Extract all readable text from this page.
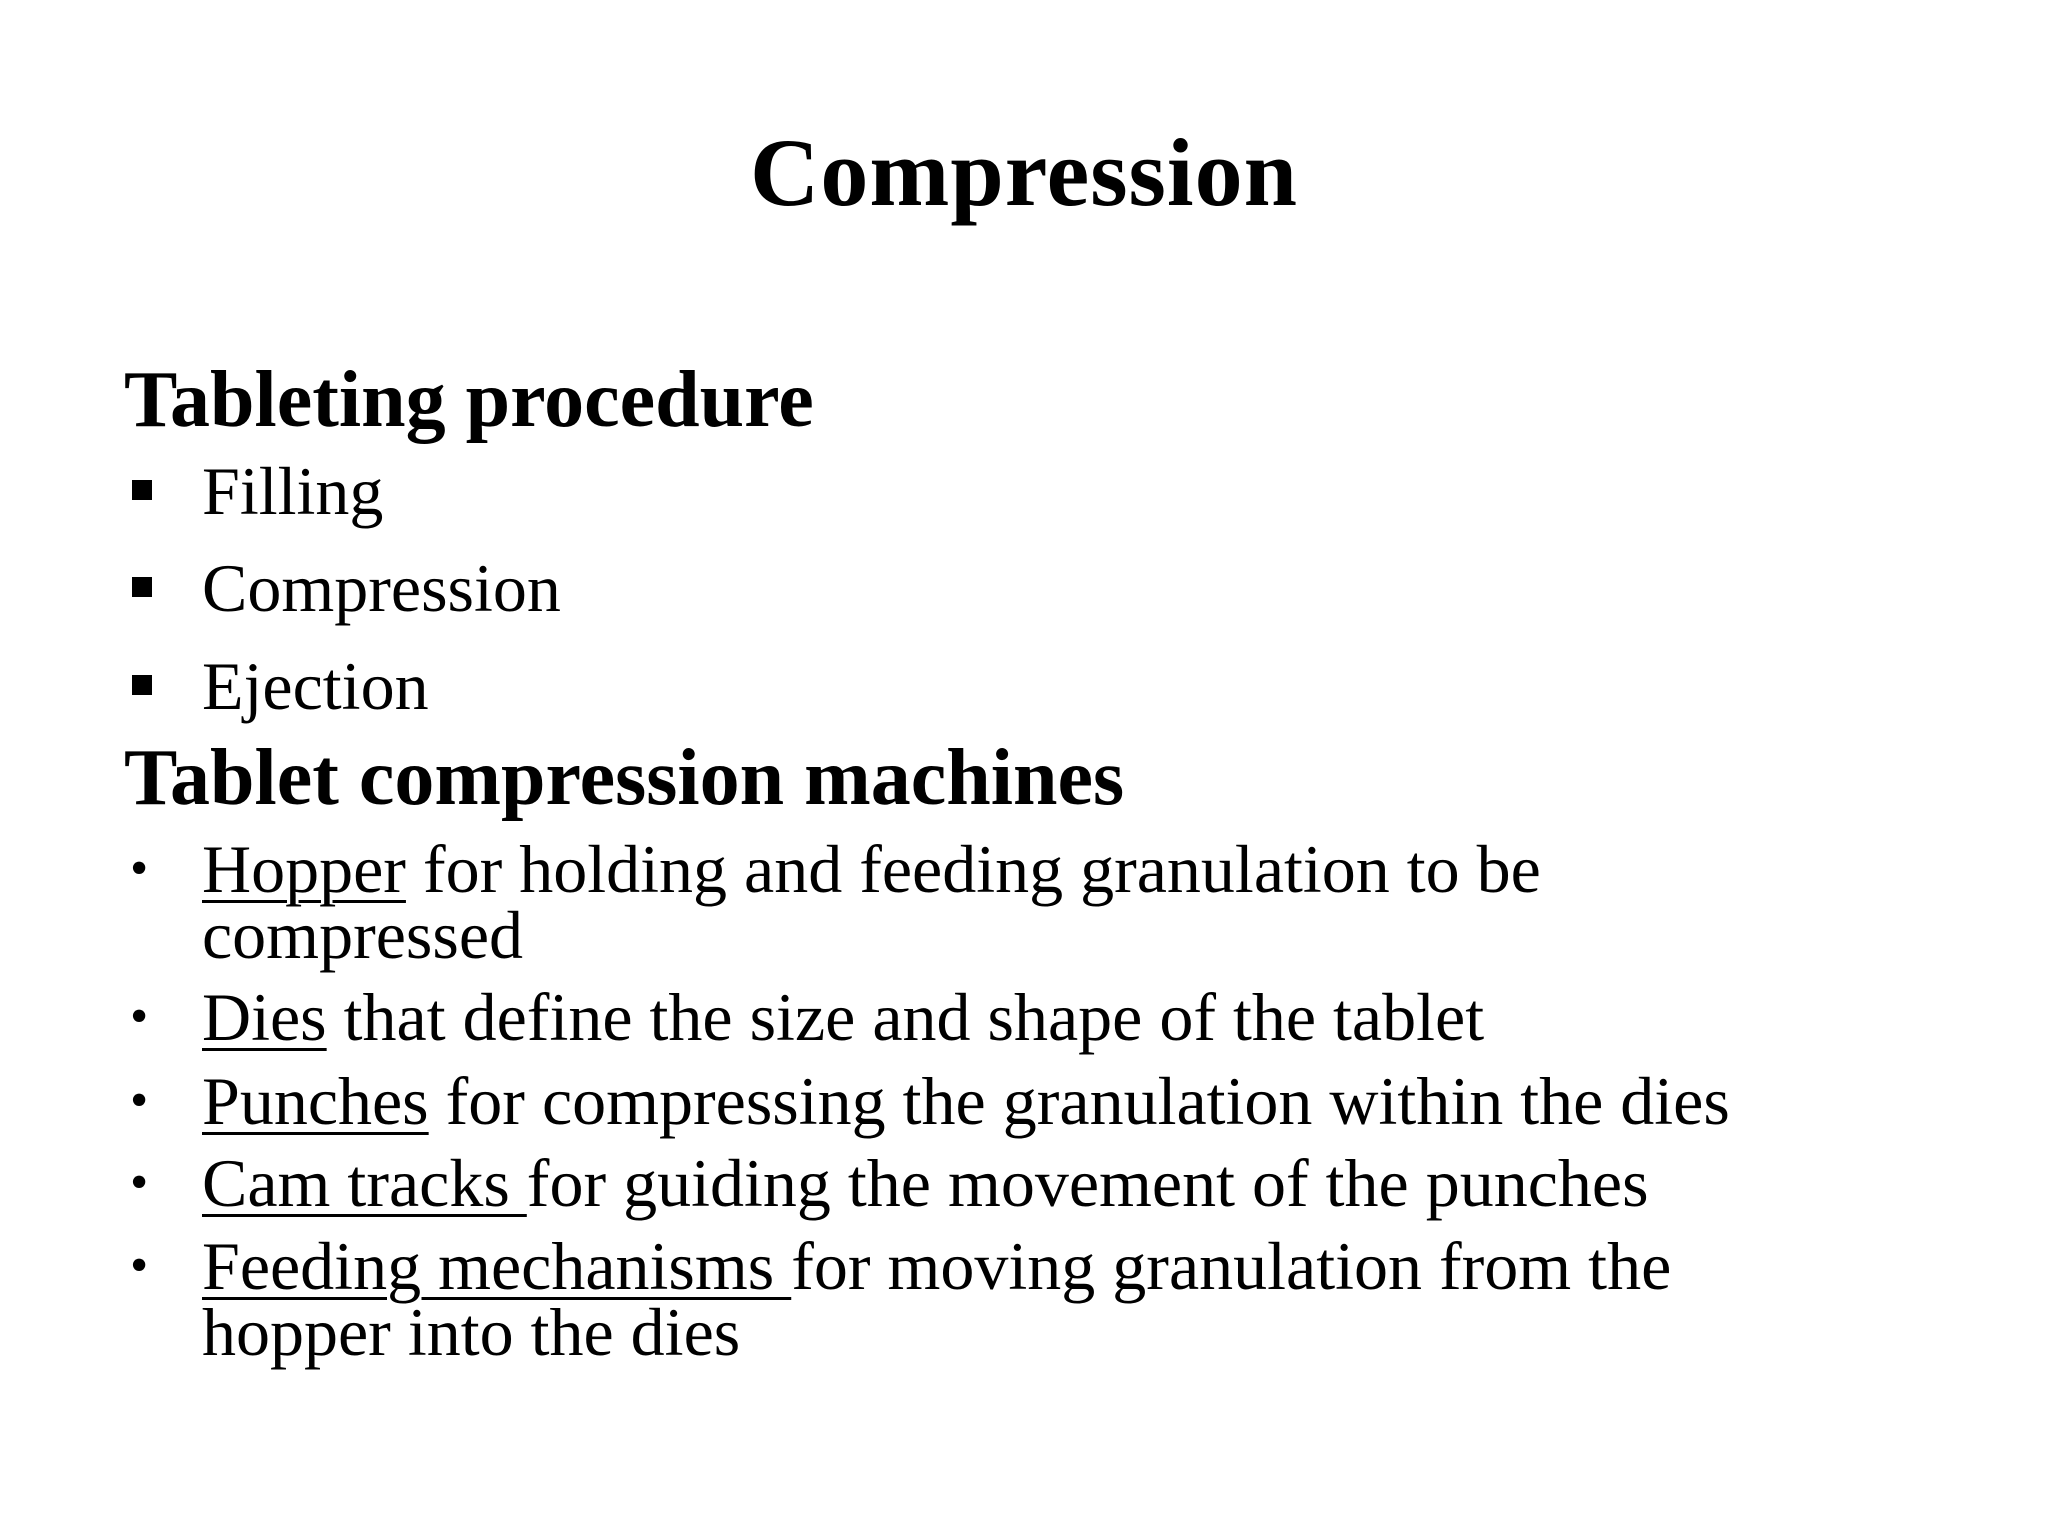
Compression
Tableting procedure
Filling
Compression
Ejection
Tablet compression machines
• Hopper for holding and feeding granulation to be
compressed
• Dies that define the size and shape of the tablet
• Punches for compressing the granulation within the dies
• Cam tracks for guiding the movement of the punches
• Feeding mechanisms for moving granulation from the
hopper into the dies
